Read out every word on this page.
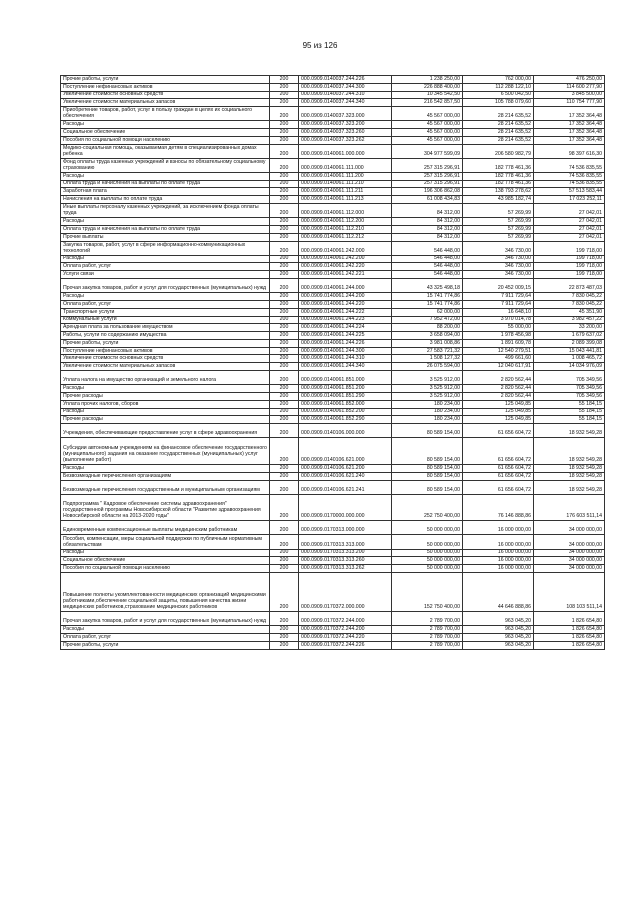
95 из 126
Прочие работы, услуги	200	000.0909.0140037.244.226	1 238 250,00	762 000,00	476 250,00
Поступление нефинансовых активов	200	000.0909.0140037.244.300	226 888 400,00	112 288 122,10	114 600 277,90
Увеличение стоимости основных средств	200	000.0909.0140037.244.310	10 345 542,50	6 500 042,50	3 845 500,00
Увеличение стоимости материальных запасов	200	000.0909.0140037.244.340	216 542 857,50	105 788 079,60	110 754 777,90
Приобретение товаров, работ, услуг в пользу граждан в целях их социального обеспечения	200	000.0909.0140037.323.000	45 567 000,00	28 214 635,52	17 352 364,48
Расходы	200	000.0909.0140037.323.200	45 567 000,00	28 214 635,52	17 352 364,48
Социальное обеспечение	200	000.0909.0140037.323.260	45 567 000,00	28 214 635,52	17 352 364,48
Пособия по социальной помощи населению	200	000.0909.0140037.323.262	45 567 000,00	28 214 635,52	17 352 364,48
Медико-социальная помощь, оказываемая детям в специализированных домах ребенка	200	000.0909.0140061.000.000	304 977 599,09	206 580 982,79	98 397 616,30
Фонд оплаты труда казенных учреждений и взносы по обязательному социальному страхованию	200	000.0909.0140061.111.000	257 315 296,91	182 778 461,36	74 536 835,55
Расходы	200	000.0909.0140061.111.200	257 315 296,91	182 778 461,36	74 536 835,55
Оплата труда и начисления на выплаты по оплате труда	200	000.0909.0140061.111.210	257 315 296,91	182 778 461,36	74 536 835,55
Заработная плата	200	000.0909.0140061.111.211	196 306 862,08	138 793 278,62	57 513 583,44
Начисления на выплаты по оплате труда	200	000.0909.0140061.111.213	61 008 434,83	43 985 182,74	17 023 252,11
Иные выплаты персоналу казенных учреждений, за исключением фонда оплаты труда	200	000.0909.0140061.112.000	84 312,00	57 269,99	27 042,01
Расходы	200	000.0909.0140061.112.200	84 312,00	57 269,99	27 042,01
Оплата труда и начисления на выплаты по оплате труда	200	000.0909.0140061.112.210	84 312,00	57 269,99	27 042,01
Прочие выплаты	200	000.0909.0140061.112.212	84 312,00	57 269,99	27 042,01
Закупка товаров, работ, услуг в сфере информационно-коммуникационных технологий	200	000.0909.0140061.242.000	546 448,00	346 730,00	199 718,00
Расходы	200	000.0909.0140061.242.200	546 448,00	346 730,00	199 718,00
Оплата работ, услуг	200	000.0909.0140061.242.220	546 448,00	346 730,00	199 718,00
Услуги связи	200	000.0909.0140061.242.221	546 448,00	346 730,00	199 718,00
Прочая закупка товаров, работ и услуг для государственных (муниципальных) нужд	200	000.0909.0140061.244.000	43 325 498,18	20 452 009,15	22 873 487,03
Расходы	200	000.0909.0140061.244.200	15 741 774,86	7 911 729,64	7 830 045,22
Оплата работ, услуг	200	000.0909.0140061.244.220	15 741 774,86	7 911 729,64	7 830 045,22
Транспортные услуги	200	000.0909.0140061.244.222	62 000,00	16 648,10	45 351,90
Коммунальные услуги	200	000.0909.0140061.244.223	7 952 472,00	3 970 014,78	3 982 457,22
Арендная плата за пользование имуществом	200	000.0909.0140061.244.224	88 200,00	55 000,00	33 200,00
Работы, услуги по содержанию имущества	200	000.0909.0140061.244.225	3 658 094,00	1 978 456,98	1 679 637,02
Прочие работы, услуги	200	000.0909.0140061.244.226	3 981 008,86	1 891 609,78	2 089 399,08
Поступление нефинансовых активов	200	000.0909.0140061.244.300	27 583 721,32	12 540 279,51	15 043 441,81
Увеличение стоимости основных средств	200	000.0909.0140061.244.310	1 508 127,32	499 661,60	1 008 465,72
Увеличение стоимости материальных запасов	200	000.0909.0140061.244.340	26 075 594,00	12 040 617,91	14 034 976,09
Уплата налога на имущество организаций и земельного налога	200	000.0909.0140061.851.000	3 525 912,00	2 820 562,44	705 349,56
Расходы	200	000.0909.0140061.851.200	3 525 912,00	2 820 562,44	705 349,56
Прочие расходы	200	000.0909.0140061.851.290	3 525 912,00	2 820 562,44	705 349,56
Уплата прочих налогов, сборов	200	000.0909.0140061.852.000	180 234,00	125 049,85	55 184,15
Расходы	200	000.0909.0140061.852.200	180 234,00	125 049,85	55 184,15
Прочие расходы	200	000.0909.0140061.852.290	180 234,00	125 049,85	55 184,15
Учреждения, обеспечивающие предоставление услуг в сфере здравоохранения	200	000.0909.0140106.000.000	80 589 154,00	61 656 604,72	18 932 549,28
Субсидии автономным учреждениям на финансовое обеспечение государственного (муниципального) задания на оказание государственных (муниципальных) услуг (выполнение работ)	200	000.0909.0140106.621.000	80 589 154,00	61 656 604,72	18 932 549,28
Расходы	200	000.0909.0140106.621.200	80 589 154,00	61 656 604,72	18 932 549,28
Безвозмездные перечисления организациям	200	000.0909.0140106.621.240	80 589 154,00	61 656 604,72	18 932 549,28
Безвозмездные перечисления государственным и муниципальным организациям	200	000.0909.0140106.621.241	80 589 154,00	61 656 604,72	18 932 549,28
Подпрограмма " Кадровое обеспечение системы здравоохранения" государственной программы Новосибирской области "Развитие здравоохранения Новосибирской области на 2013-2020 годы"	200	000.0909.0170000.000.000	252 750 400,00	76 146 888,86	176 603 511,14
Единовременные компенсационные выплаты медицинским работникам	200	000.0909.0170313.000.000	50 000 000,00	16 000 000,00	34 000 000,00
Пособия, компенсации, меры социальной поддержки по публичным нормативным обязательствам	200	000.0909.0170313.313.000	50 000 000,00	16 000 000,00	34 000 000,00
Расходы	200	000.0909.0170313.313.200	50 000 000,00	16 000 000,00	34 000 000,00
Социальное обеспечение	200	000.0909.0170313.313.260	50 000 000,00	16 000 000,00	34 000 000,00
Пособия по социальной помощи населению	200	000.0909.0170313.313.262	50 000 000,00	16 000 000,00	34 000 000,00
Повышение полноты укомплектованности медицинских организаций медицинскими работниками,обеспечение социальной защиты, повышения качества жизни медицинских работников,страхование медицинских работников	200	000.0909.0170372.000.000	152 750 400,00	44 646 888,86	108 103 511,14
Прочая закупка товаров, работ и услуг для государственных (муниципальных) нужд	200	000.0909.0170372.244.000	2 789 700,00	963 045,20	1 826 654,80
Расходы	200	000.0909.0170372.244.200	2 789 700,00	963 045,20	1 826 654,80
Оплата работ, услуг	200	000.0909.0170372.244.220	2 789 700,00	963 045,20	1 826 654,80
Прочие работы, услуги	200	000.0909.0170372.244.226	2 789 700,00	963 045,20	1 826 654,80
